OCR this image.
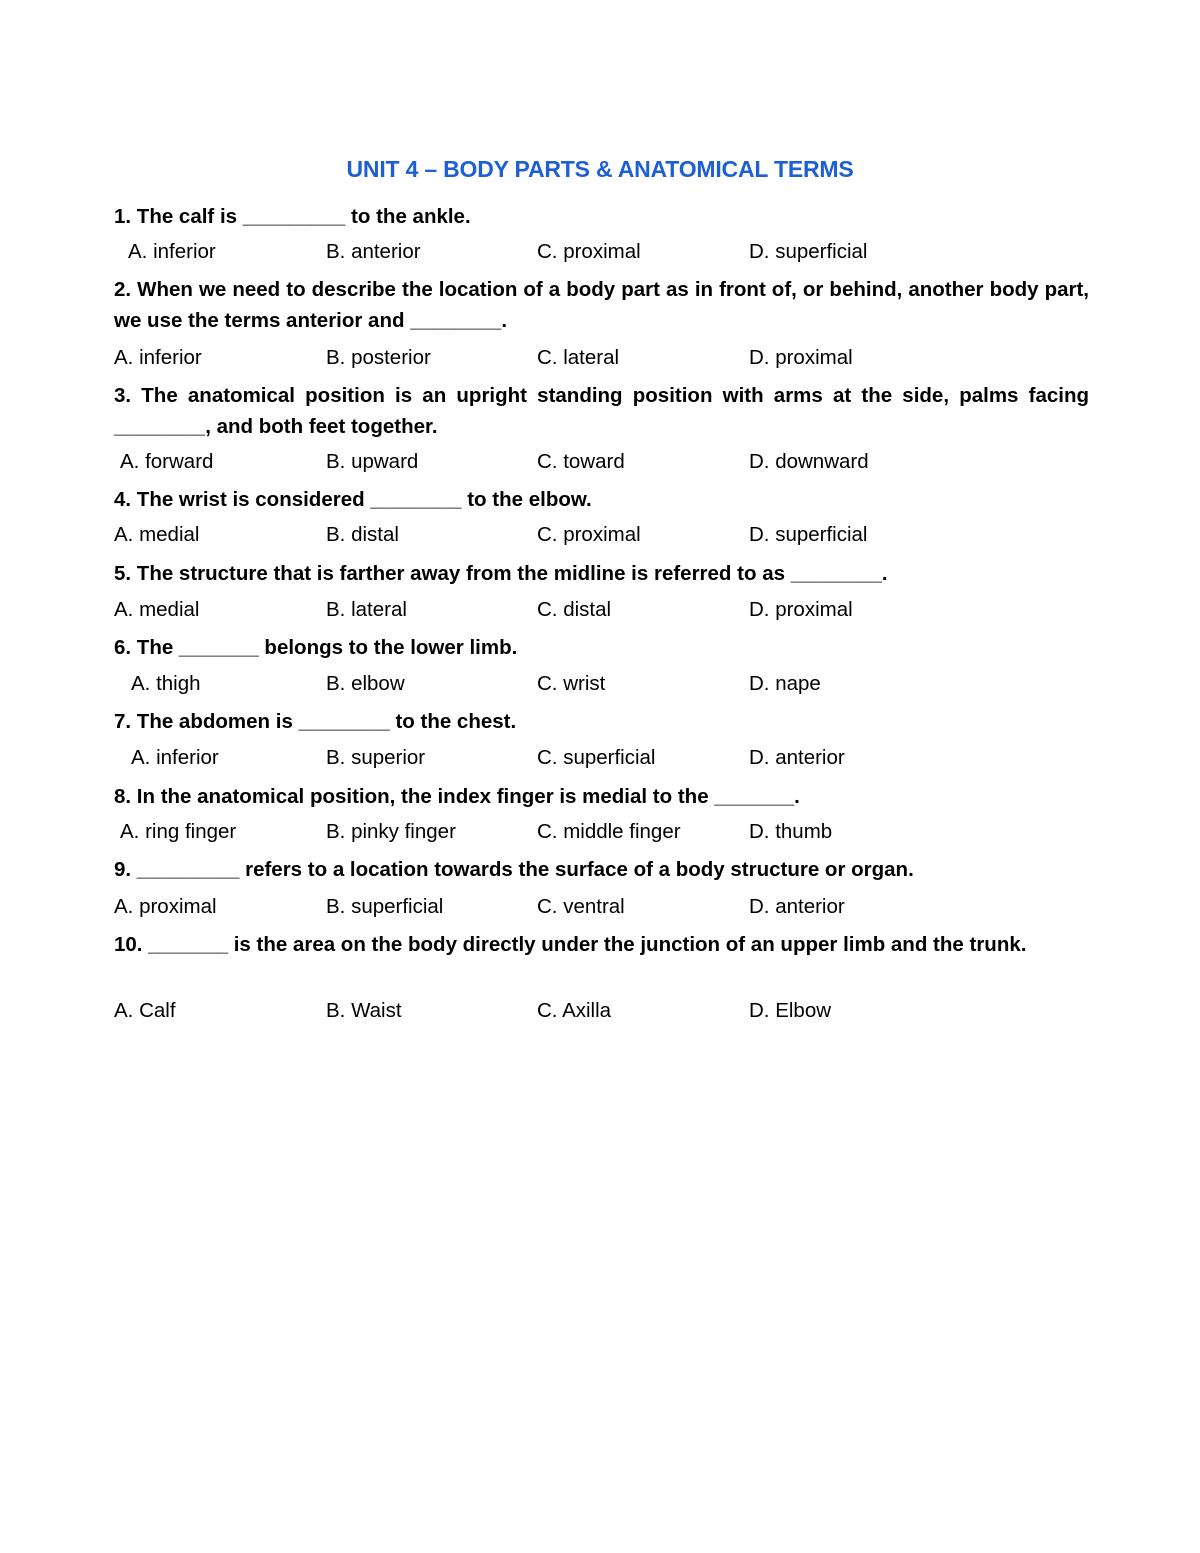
UNIT 4 – BODY PARTS & ANATOMICAL TERMS
1. The calf is _________ to the ankle.
A. inferior	B. anterior	C. proximal	D. superficial
2. When we need to describe the location of a body part as in front of, or behind, another body part, we use the terms anterior and ________.
A. inferior	B. posterior	C. lateral	D. proximal
3. The anatomical position is an upright standing position with arms at the side, palms facing ________, and both feet together.
A. forward	B. upward	C. toward	D. downward
4. The wrist is considered ________ to the elbow.
A. medial	B. distal	C. proximal	D. superficial
5. The structure that is farther away from the midline is referred to as ________.
A. medial	B. lateral	C. distal	D. proximal
6. The _______ belongs to the lower limb.
A. thigh	B. elbow	C. wrist	D. nape
7. The abdomen is ________ to the chest.
A. inferior	B. superior	C. superficial	D. anterior
8. In the anatomical position, the index finger is medial to the _______.
A. ring finger	B. pinky finger	C. middle finger	D. thumb
9. _________ refers to a location towards the surface of a body structure or organ.
A. proximal	B. superficial	C. ventral	D. anterior
10. _______ is the area on the body directly under the junction of an upper limb and the trunk.
A. Calf	B. Waist	C. Axilla	D. Elbow
